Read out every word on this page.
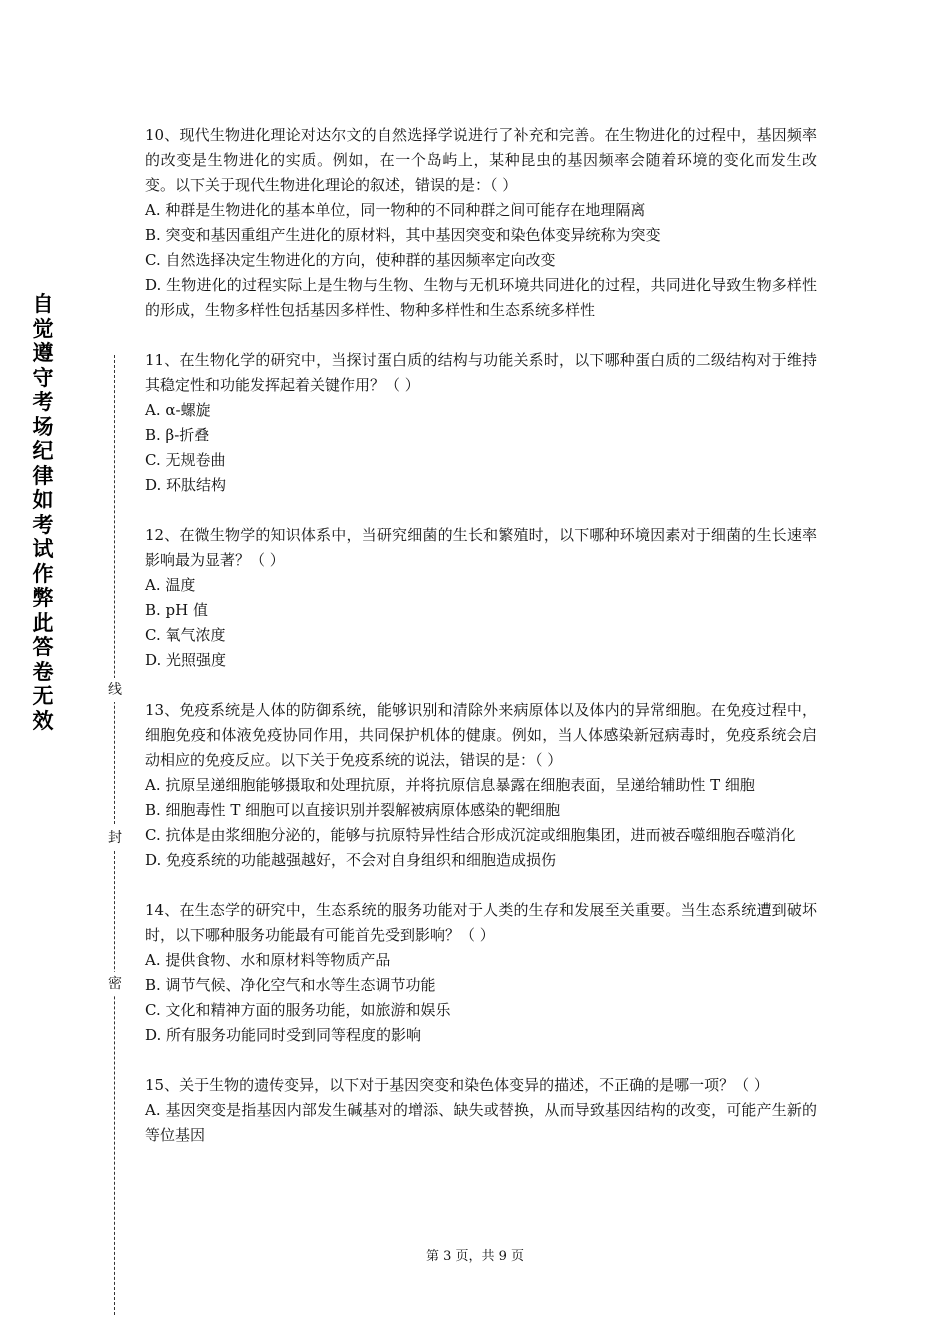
自觉遵守考场纪律如考试作弊此答卷无效
线
封
密

10、现代生物进化理论对达尔文的自然选择学说进行了补充和完善。在生物进化的过程中，基因频率的改变是生物进化的实质。例如，在一个岛屿上，某种昆虫的基因频率会随着环境的变化而发生改变。以下关于现代生物进化理论的叙述，错误的是：（ ）

A. 种群是生物进化的基本单位，同一物种的不同种群之间可能存在地理隔离

B. 突变和基因重组产生进化的原材料，其中基因突变和染色体变异统称为突变

C. 自然选择决定生物进化的方向，使种群的基因频率定向改变

D. 生物进化的过程实际上是生物与生物、生物与无机环境共同进化的过程，共同进化导致生物多样性的形成，生物多样性包括基因多样性、物种多样性和生态系统多样性

11、在生物化学的研究中，当探讨蛋白质的结构与功能关系时，以下哪种蛋白质的二级结构对于维持其稳定性和功能发挥起着关键作用？（ ）

A. α-螺旋

B. β-折叠

C. 无规卷曲

D. 环肽结构

12、在微生物学的知识体系中，当研究细菌的生长和繁殖时，以下哪种环境因素对于细菌的生长速率影响最为显著？（ ）

A. 温度

B. pH 值

C. 氧气浓度

D. 光照强度

13、免疫系统是人体的防御系统，能够识别和清除外来病原体以及体内的异常细胞。在免疫过程中，细胞免疫和体液免疫协同作用，共同保护机体的健康。例如，当人体感染新冠病毒时，免疫系统会启动相应的免疫反应。以下关于免疫系统的说法，错误的是：（ ）

A. 抗原呈递细胞能够摄取和处理抗原，并将抗原信息暴露在细胞表面，呈递给辅助性 T 细胞

B. 细胞毒性 T 细胞可以直接识别并裂解被病原体感染的靶细胞

C. 抗体是由浆细胞分泌的，能够与抗原特异性结合形成沉淀或细胞集团，进而被吞噬细胞吞噬消化

D. 免疫系统的功能越强越好，不会对自身组织和细胞造成损伤

14、在生态学的研究中，生态系统的服务功能对于人类的生存和发展至关重要。当生态系统遭到破坏时，以下哪种服务功能最有可能首先受到影响？（ ）

A. 提供食物、水和原材料等物质产品

B. 调节气候、净化空气和水等生态调节功能

C. 文化和精神方面的服务功能，如旅游和娱乐

D. 所有服务功能同时受到同等程度的影响

15、关于生物的遗传变异，以下对于基因突变和染色体变异的描述，不正确的是哪一项？（ ）

A. 基因突变是指基因内部发生碱基对的增添、缺失或替换，从而导致基因结构的改变，可能产生新的等位基因

第 3 页，共 9 页
